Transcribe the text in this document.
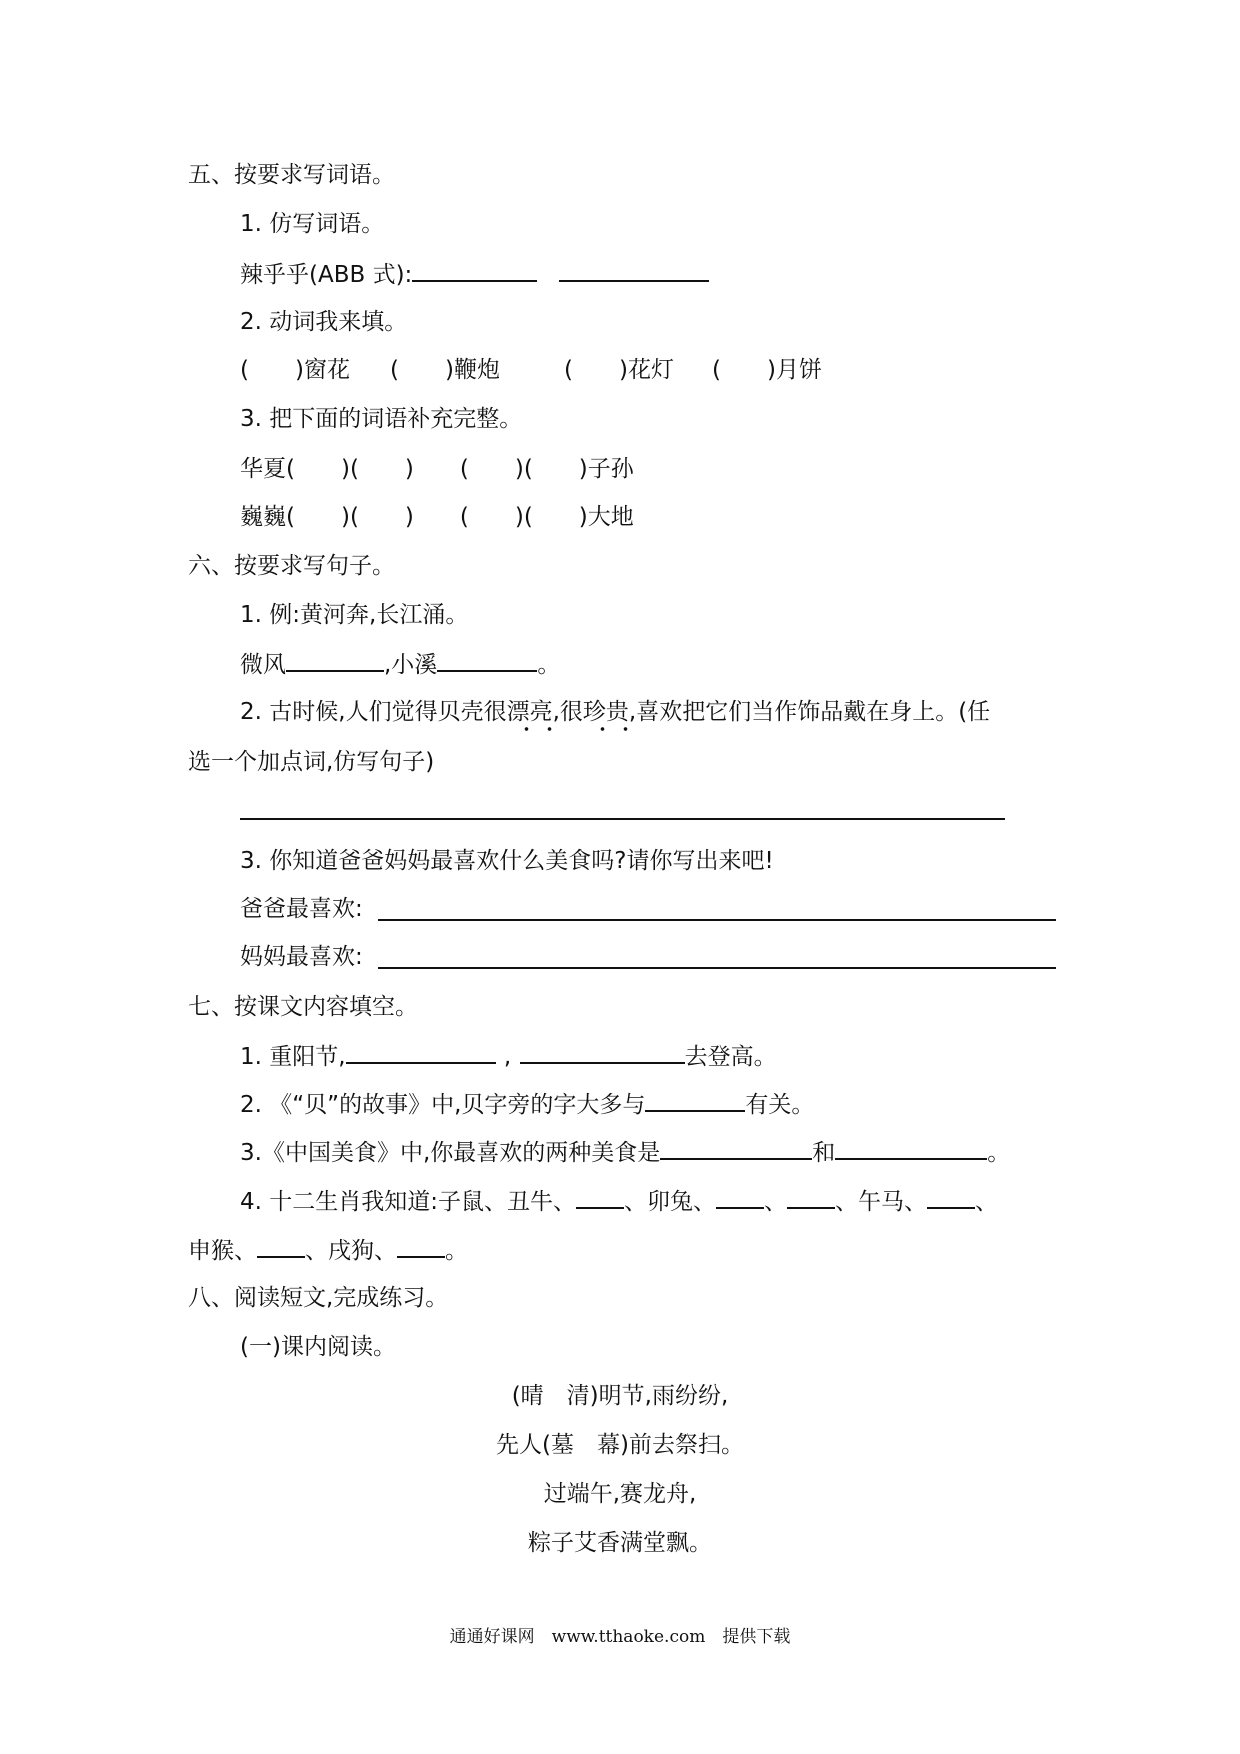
五、按要求写词语。
1. 仿写词语。
辣乎乎(ABB 式):
2. 动词我来填。
(　　)窗花 (　　)鞭炮	(　　)花灯 (　　)月饼
3. 把下面的词语补充完整。
华夏(　　)(　　)　　(　　)(　　)子孙
巍巍(　　)(　　)　　(　　)(　　)大地
六、按要求写句子。
1. 例:黄河奔,长江涌。
微风	,小溪	。
2. 古时候,人们觉得贝壳很漂亮,很珍贵,喜欢把它们当作饰品戴在身上。(任
选一个加点词,仿写句子)
3. 你知道爸爸妈妈最喜欢什么美食吗?请你写出来吧!
爸爸最喜欢:
妈妈最喜欢:
七、按课文内容填空。
1. 重阳节,	,	去登高。
2. 《“贝”的故事》中,贝字旁的字大多与	有关。
3.《中国美食》中,你最喜欢的两种美食是	和	。
4. 十二生肖我知道:子鼠、丑牛、 、卯兔、 、 、午马、 、
申猴、 、戌狗、 。
八、阅读短文,完成练习。
(一)课内阅读。
(晴　清)明节,雨纷纷,
先人(墓　幕)前去祭扫。
过端午,赛龙舟,
粽子艾香满堂飘。
通通好课网　www.tthaoke.com　提供下载
